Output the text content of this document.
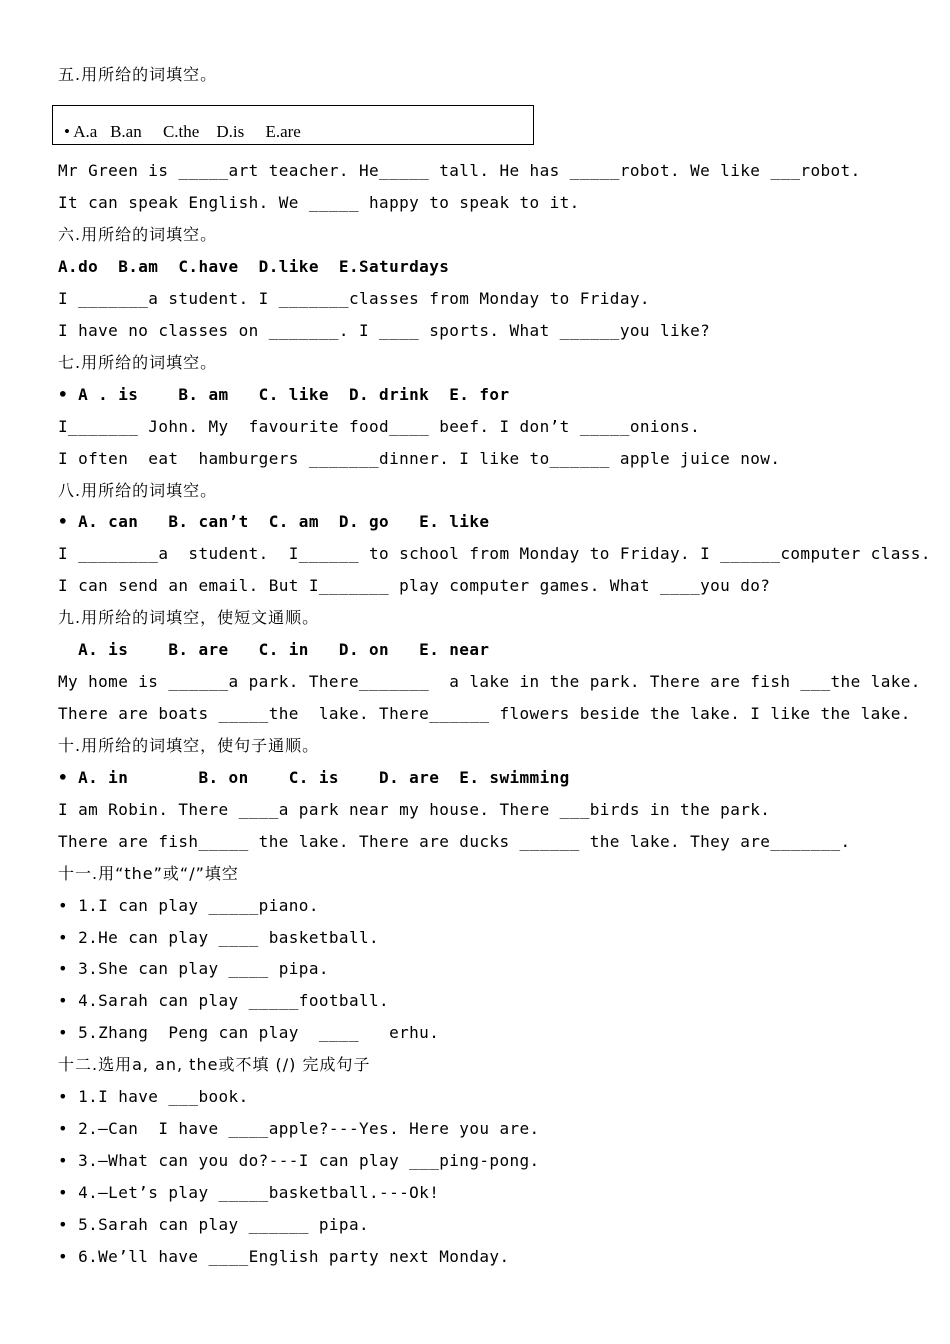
五.用所给的词填空。
• A.a   B.an     C.the    D.is     E.are
Mr Green is _____art teacher. He_____ tall. He has _____robot. We like ___robot.
It can speak English. We _____ happy to speak to it.
六.用所给的词填空。
A.do  B.am  C.have  D.like  E.Saturdays
I _______a student. I _______classes from Monday to Friday.
I have no classes on _______. I ____ sports. What ______you like?
七.用所给的词填空。
• A . is    B. am   C. like  D. drink  E. for
I_______ John. My  favourite food____ beef. I don’t _____onions.
I often  eat  hamburgers _______dinner. I like to______ apple juice now.
八.用所给的词填空。
• A. can   B. can’t  C. am  D. go   E. like
I ________a  student.  I______ to school from Monday to Friday. I ______computer class.
I can send an email. But I_______ play computer games. What ____you do?
九.用所给的词填空，使短文通顺。
A. is    B. are   C. in   D. on   E. near
My home is ______a park. There_______  a lake in the park. There are fish ___the lake.
There are boats _____the  lake. There______ flowers beside the lake. I like the lake.
十.用所给的词填空，使句子通顺。
• A. in       B. on    C. is    D. are  E. swimming
I am Robin. There ____a park near my house. There ___birds in the park.
There are fish_____ the lake. There are ducks ______ the lake. They are_______.
十一.用“the”或“/”填空
• 1.I can play _____piano.
• 2.He can play ____ basketball.
• 3.She can play ____ pipa.
• 4.Sarah can play _____football.
• 5.Zhang  Peng can play  ____   erhu.
十二.选用a, an, the或不填 (/) 完成句子
• 1.I have ___book.
• 2.—Can  I have ____apple?---Yes. Here you are.
• 3.—What can you do?---I can play ___ping-pong.
• 4.—Let’s play _____basketball.---Ok!
• 5.Sarah can play ______ pipa.
• 6.We’ll have ____English party next Monday.
